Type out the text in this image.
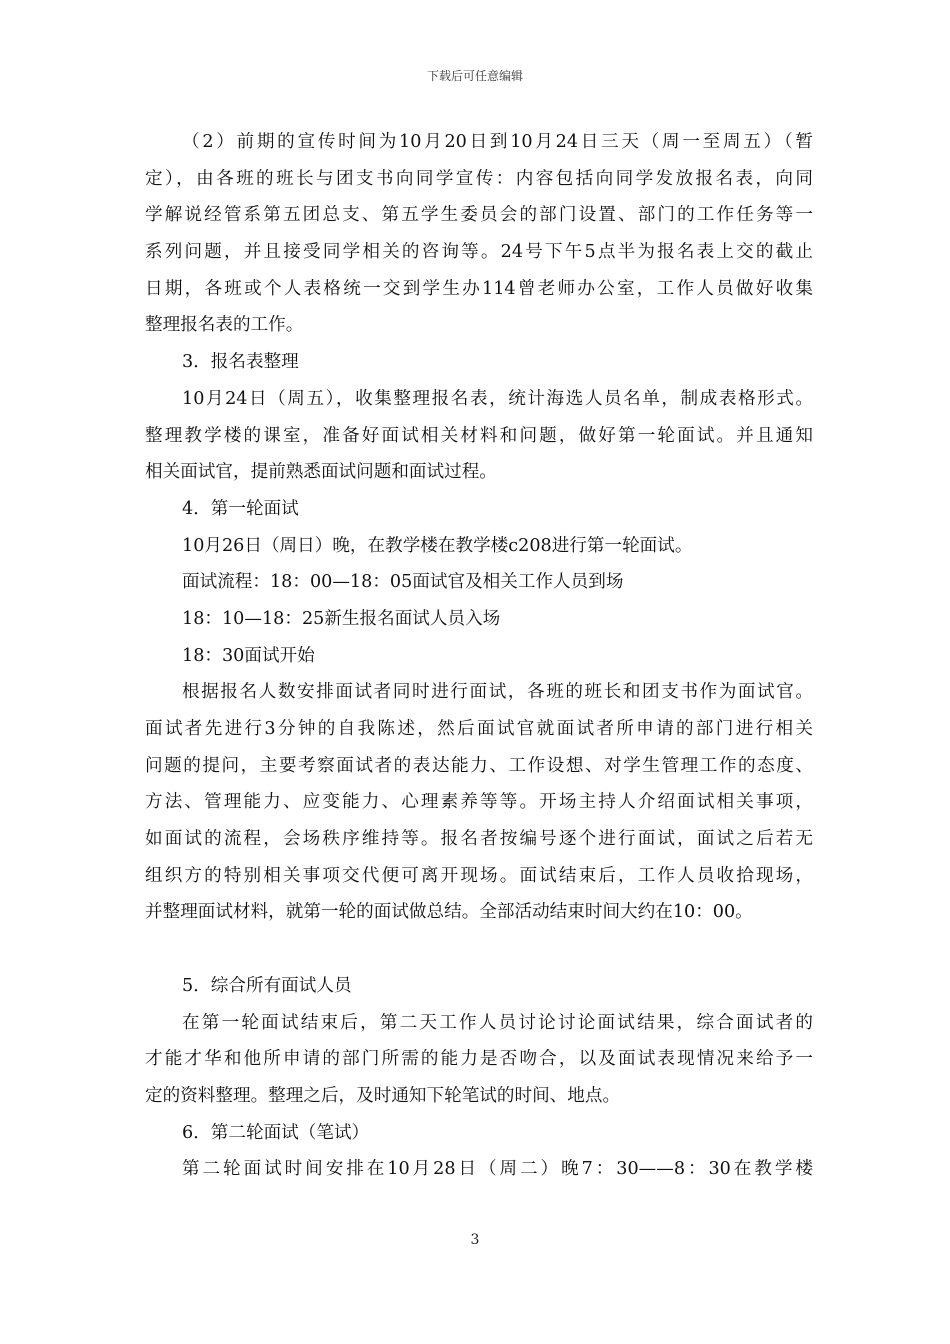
下载后可任意编辑
（2）前期的宣传时间为10月20日到10月24日三天（周一至周五）（暂
定），由各班的班长与团支书向同学宣传：内容包括向同学发放报名表，向同
学解说经管系第五团总支、第五学生委员会的部门设置、部门的工作任务等一
系列问题，并且接受同学相关的咨询等。24号下午5点半为报名表上交的截止
日期，各班或个人表格统一交到学生办114曾老师办公室，工作人员做好收集
整理报名表的工作。
3．报名表整理
10月24日（周五），收集整理报名表，统计海选人员名单，制成表格形式。
整理教学楼的课室，准备好面试相关材料和问题，做好第一轮面试。并且通知
相关面试官，提前熟悉面试问题和面试过程。
4．第一轮面试
10月26日（周日）晚，在教学楼在教学楼c208进行第一轮面试。
面试流程：18：00—18：05面试官及相关工作人员到场
18：10—18：25新生报名面试人员入场
18：30面试开始
根据报名人数安排面试者同时进行面试，各班的班长和团支书作为面试官。
面试者先进行3分钟的自我陈述，然后面试官就面试者所申请的部门进行相关
问题的提问，主要考察面试者的表达能力、工作设想、对学生管理工作的态度、
方法、管理能力、应变能力、心理素养等等。开场主持人介绍面试相关事项，
如面试的流程，会场秩序维持等。报名者按编号逐个进行面试，面试之后若无
组织方的特别相关事项交代便可离开现场。面试结束后，工作人员收拾现场，
并整理面试材料，就第一轮的面试做总结。全部活动结束时间大约在10：00。
5．综合所有面试人员
在第一轮面试结束后，第二天工作人员讨论讨论面试结果，综合面试者的
才能才华和他所申请的部门所需的能力是否吻合，以及面试表现情况来给予一
定的资料整理。整理之后，及时通知下轮笔试的时间、地点。
6．第二轮面试（笔试）
第二轮面试时间安排在10月28日（周二）晚7：30——8：30在教学楼
3
